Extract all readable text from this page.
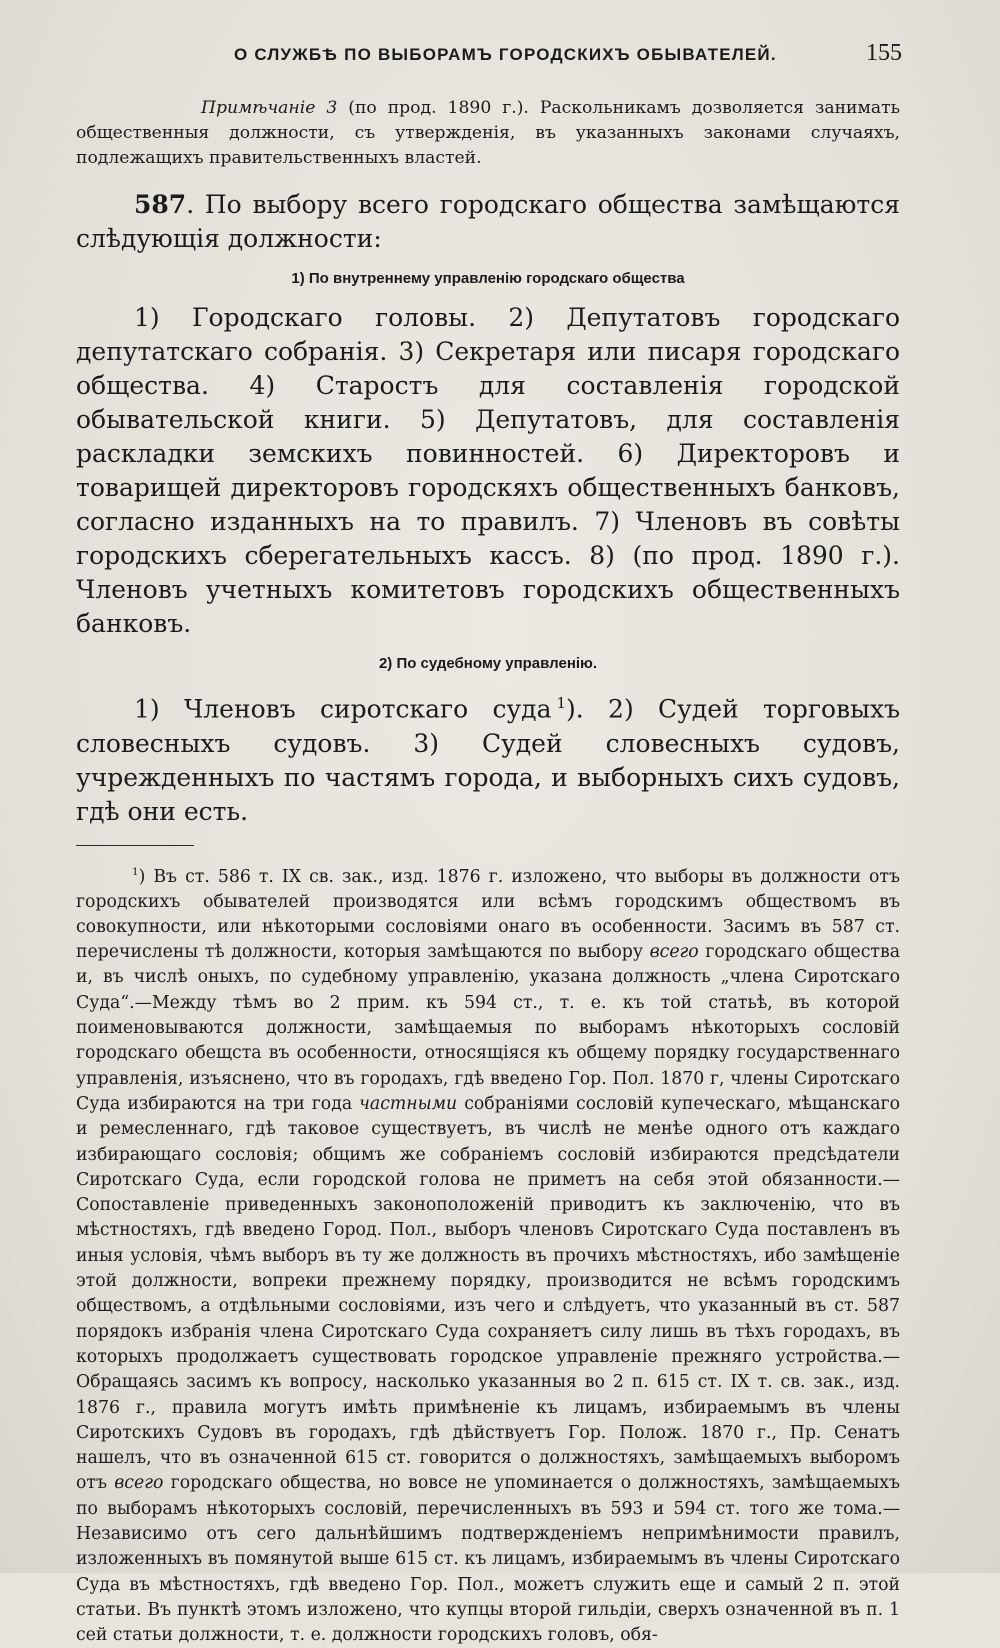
О СЛУЖБѢ ПО ВЫБОРАМЪ ГОРОДСКИХЪ ОБЫВАТЕЛЕЙ.	155

Примѣчаніе 3 (по прод. 1890 г.). Раскольникамъ дозволяется занимать общественныя должности, съ утвержденія, въ указанныхъ законами случаяхъ, подлежащихъ правительственныхъ властей.

587. По выбору всего городскаго общества замѣщаются слѣдующія должности:

1) По внутреннему управленію городскаго общества

1) Городскаго головы. 2) Депутатовъ городскаго депутатскаго собранія. 3) Секретаря или писаря городскаго общества. 4) Старостъ для составленія городской обывательской книги. 5) Депутатовъ, для составленія раскладки земскихъ повинностей. 6) Директоровъ и товарищей директоровъ городскяхъ общественныхъ банковъ, согласно изданныхъ на то правилъ. 7) Членовъ въ совѣты городскихъ сберегательныхъ кассъ. 8) (по прод. 1890 г.). Членовъ учетныхъ комитетовъ городскихъ общественныхъ банковъ.

2) По судебному управленію.

1) Членовъ сиротскаго суда  $^1$). 2) Судей торговыхъ словесныхъ судовъ. 3) Судей словесныхъ судовъ, учрежденныхъ по частямъ города, и выборныхъ сихъ судовъ, гдѣ они есть.

$^1$) Въ ст. 586 т. IX св. зак., изд. 1876 г. изложено, что выборы въ должности отъ городскихъ обывателей производятся или всѣмъ городскимъ обществомъ въ совокупности, или нѣкоторыми сословіями онаго въ особенности. Засимъ въ 587 ст. перечислены тѣ должности, которыя замѣщаются по выбору всего городскаго общества и, въ числѣ оныхъ, по судебному управленію, указана должность „члена Сиротскаго Суда“.—Между тѣмъ во 2 прим. къ 594 ст., т. е. къ той статьѣ, въ которой поименовываются должности, замѣщаемыя по выборамъ нѣкоторыхъ сословій городскаго обещста въ особенности, относящіяся къ общему порядку государственнаго управленія, изъяснено, что въ городахъ, гдѣ введено Гор. Пол. 1870 г, члены Сиротскаго Суда избираются на три года частными собраніями сословій купеческаго, мѣщанскаго и ремесленнаго, гдѣ таковое существуетъ, въ числѣ не менѣе одного отъ каждаго избирающаго сословія; общимъ же собраніемъ сословій избираются предсѣдатели Сиротскаго Суда, если городской голова не приметъ на себя этой обязанности.—Сопоставленіе приведенныхъ законоположеній приводитъ къ заключенію, что въ мѣстностяхъ, гдѣ введено Город. Пол., выборъ членовъ Сиротскаго Суда поставленъ въ иныя условія, чѣмъ выборъ въ ту же должность въ прочихъ мѣстностяхъ, ибо замѣщеніе этой должности, вопреки прежнему порядку, производится не всѣмъ городскимъ обществомъ, а отдѣльными сословіями, изъ чего и слѣдуетъ, что указанный въ ст. 587 порядокъ избранія члена Сиротскаго Суда сохраняетъ силу лишь въ тѣхъ городахъ, въ которыхъ продолжаетъ существовать городское управленіе прежняго устройства.—Обращаясь засимъ къ вопросу, насколько указанныя во 2 п. 615 ст. IX т. св. зак., изд. 1876 г., правила могутъ имѣть примѣненіе къ лицамъ, избираемымъ въ члены Сиротскихъ Судовъ въ городахъ, гдѣ дѣйствуетъ Гор. Полож. 1870 г., Пр. Сенатъ нашелъ, что въ означенной 615 ст. говорится о должностяхъ, замѣщаемыхъ выборомъ отъ всего городскаго общества, но вовсе не упоминается о должностяхъ, замѣщаемыхъ по выборамъ нѣкоторыхъ сословій, перечисленныхъ въ 593 и 594 ст. того же тома.—Независимо отъ сего дальнѣйшимъ подтвержденіемъ непримѣнимости правилъ, изложенныхъ въ помянутой выше 615 ст. къ лицамъ, избираемымъ въ члены Сиротскаго Суда въ мѣстностяхъ, гдѣ введено Гор. Пол., можетъ служить еще и самый 2 п. этой статьи. Въ пунктѣ этомъ изложено, что купцы второй гильдіи, сверхъ означенной въ п. 1 сей статьи должности, т. е. должности городскихъ головъ, обя-
